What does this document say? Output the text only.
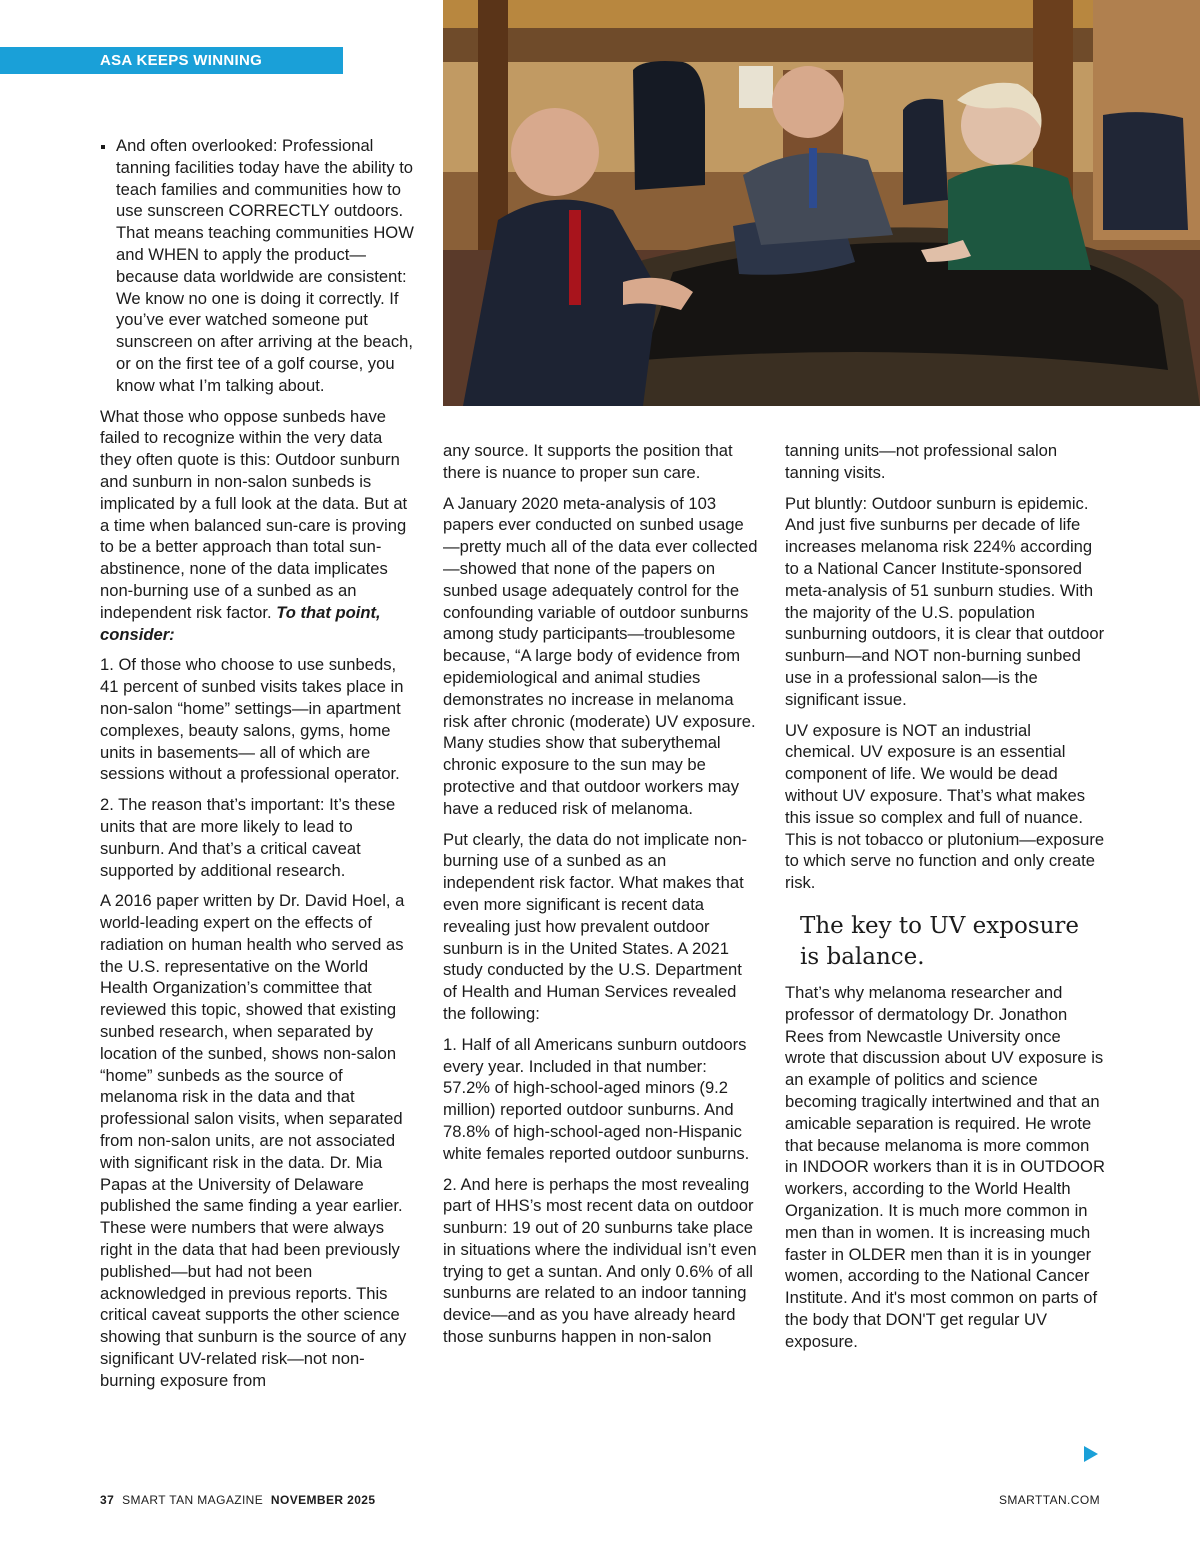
ASA KEEPS WINNING
And often overlooked: Professional tanning facilities today have the ability to teach families and communities how to use sunscreen CORRECTLY outdoors. That means teaching communities HOW and WHEN to apply the product—because data worldwide are consistent: We know no one is doing it correctly. If you’ve ever watched someone put sunscreen on after arriving at the beach, or on the first tee of a golf course, you know what I’m talking about.

What those who oppose sunbeds have failed to recognize within the very data they often quote is this: Outdoor sunburn and sunburn in non-salon sunbeds is implicated by a full look at the data. But at a time when balanced sun-care is proving to be a better approach than total sun-abstinence, none of the data implicates non-burning use of a sunbed as an independent risk factor. To that point, consider:

1. Of those who choose to use sunbeds, 41 percent of sunbed visits takes place in non-salon “home” settings—in apartment complexes, beauty salons, gyms, home units in basements— all of which are sessions without a professional operator.

2. The reason that’s important: It’s these units that are more likely to lead to sunburn. And that’s a critical caveat supported by additional research.

A 2016 paper written by Dr. David Hoel, a world-leading expert on the effects of radiation on human health who served as the U.S. representative on the World Health Organization’s committee that reviewed this topic, showed that existing sunbed research, when separated by location of the sunbed, shows non-salon “home” sunbeds as the source of melanoma risk in the data and that professional salon visits, when separated from non-salon units, are not associated with significant risk in the data. Dr. Mia Papas at the University of Delaware published the same finding a year earlier. These were numbers that were always right in the data that had been previously published—but had not been acknowledged in previous reports. This critical caveat supports the other science showing that sunburn is the source of any significant UV-related risk—not non-burning exposure from

any source. It supports the position that there is nuance to proper sun care.

A January 2020 meta-analysis of 103 papers ever conducted on sunbed usage—pretty much all of the data ever collected—showed that none of the papers on sunbed usage adequately control for the confounding variable of outdoor sunburns among study participants—troublesome because, “A large body of evidence from epidemiological and animal studies demonstrates no increase in melanoma risk after chronic (moderate) UV exposure. Many studies show that suberythemal chronic exposure to the sun may be protective and that outdoor workers may have a reduced risk of melanoma.

Put clearly, the data do not implicate non-burning use of a sunbed as an independent risk factor. What makes that even more significant is recent data revealing just how prevalent outdoor sunburn is in the United States. A 2021 study conducted by the U.S. Department of Health and Human Services revealed the following:

1. Half of all Americans sunburn outdoors every year. Included in that number: 57.2% of high-school-aged minors (9.2 million) reported outdoor sunburns. And 78.8% of high-school-aged non-Hispanic white females reported outdoor sunburns.

2. And here is perhaps the most revealing part of HHS’s most recent data on outdoor sunburn: 19 out of 20 sunburns take place in situations where the individual isn’t even trying to get a suntan. And only 0.6% of all sunburns are related to an indoor tanning device—and as you have already heard those sunburns happen in non-salon

tanning units—not professional salon tanning visits.

Put bluntly: Outdoor sunburn is epidemic. And just five sunburns per decade of life increases melanoma risk 224% according to a National Cancer Institute-sponsored meta-analysis of 51 sunburn studies. With the majority of the U.S. population sunburning outdoors, it is clear that outdoor sunburn—and NOT non-burning sunbed use in a professional salon—is the significant issue.

UV exposure is NOT an industrial chemical. UV exposure is an essential component of life. We would be dead without UV exposure. That’s what makes this issue so complex and full of nuance. This is not tobacco or plutonium—exposure to which serve no function and only create risk.

The key to UV exposure is balance.

That’s why melanoma researcher and professor of dermatology Dr. Jonathon Rees from Newcastle University once wrote that discussion about UV exposure is an example of politics and science becoming tragically intertwined and that an amicable separation is required. He wrote that because melanoma is more common in INDOOR workers than it is in OUTDOOR workers, according to the World Health Organization. It is much more common in men than in women. It is increasing much faster in OLDER men than it is in younger women, according to the National Cancer Institute. And it's most common on parts of the body that DON'T get regular UV exposure.

37 SMART TAN MAGAZINE NOVEMBER 2025	SMARTTAN.COM
